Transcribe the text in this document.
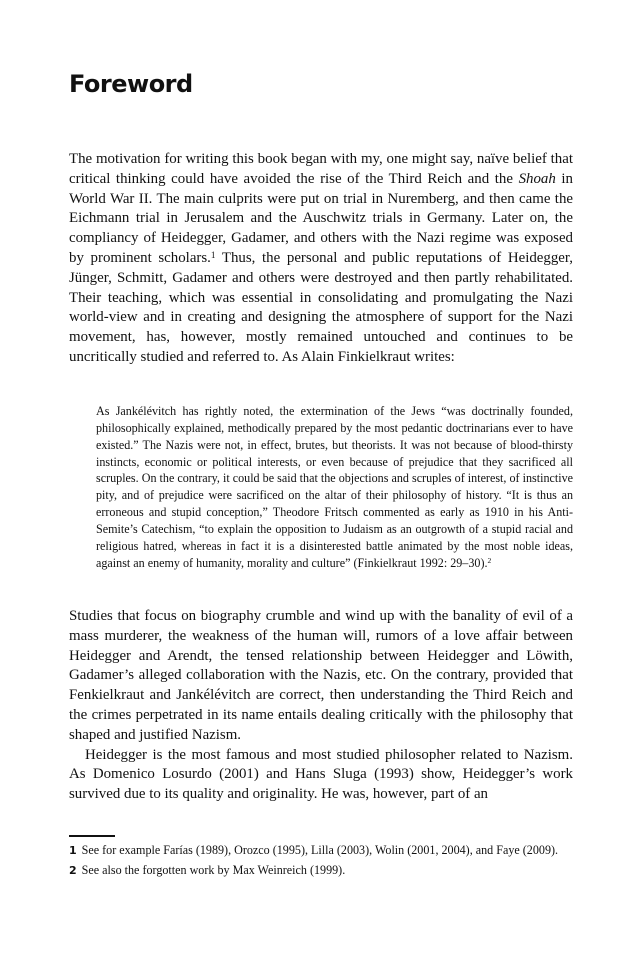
Foreword

The motivation for writing this book began with my, one might say, naïve belief that critical thinking could have avoided the rise of the Third Reich and the Shoah in World War II. The main culprits were put on trial in Nuremberg, and then came the Eichmann trial in Jerusalem and the Auschwitz trials in Germany. Later on, the compliancy of Heidegger, Gadamer, and others with the Nazi regime was exposed by prominent scholars.$^1$ Thus, the personal and public reputations of Heidegger, Jünger, Schmitt, Gadamer and others were destroyed and then partly rehabilitated. Their teaching, which was essential in consolidating and promulgating the Nazi world-view and in creating and designing the atmosphere of support for the Nazi movement, has, however, mostly remained untouched and continues to be uncritically studied and referred to. As Alain Finkielkraut writes:

As Jankélévitch has rightly noted, the extermination of the Jews “was doctrinally founded, philosophically explained, methodically prepared by the most pedantic doctrinarians ever to have existed.” The Nazis were not, in effect, brutes, but theorists. It was not because of blood-thirsty instincts, economic or political interests, or even because of prejudice that they sacrificed all scruples. On the contrary, it could be said that the objections and scruples of interest, of instinctive pity, and of prejudice were sacrificed on the altar of their philosophy of history. “It is thus an erroneous and stupid conception,” Theodore Fritsch commented as early as 1910 in his Anti-Semite’s Catechism, “to explain the opposition to Judaism as an outgrowth of a stupid racial and religious hatred, whereas in fact it is a disinterested battle animated by the most noble ideas, against an enemy of humanity, morality and culture” (Finkielkraut 1992: 29–30).$^2$

Studies that focus on biography crumble and wind up with the banality of evil of a mass murderer, the weakness of the human will, rumors of a love affair between Heidegger and Arendt, the tensed relationship between Heidegger and Löwith, Gadamer’s alleged collaboration with the Nazis, etc. On the contrary, provided that Fenkielkraut and Jankélévitch are correct, then understanding the Third Reich and the crimes perpetrated in its name entails dealing critically with the philosophy that shaped and justified Nazism.

Heidegger is the most famous and most studied philosopher related to Nazism. As Domenico Losurdo (2001) and Hans Sluga (1993) show, Heidegger’s work survived due to its quality and originality. He was, however, part of an

1 See for example Farías (1989), Orozco (1995), Lilla (2003), Wolin (2001, 2004), and Faye (2009).
2 See also the forgotten work by Max Weinreich (1999).
